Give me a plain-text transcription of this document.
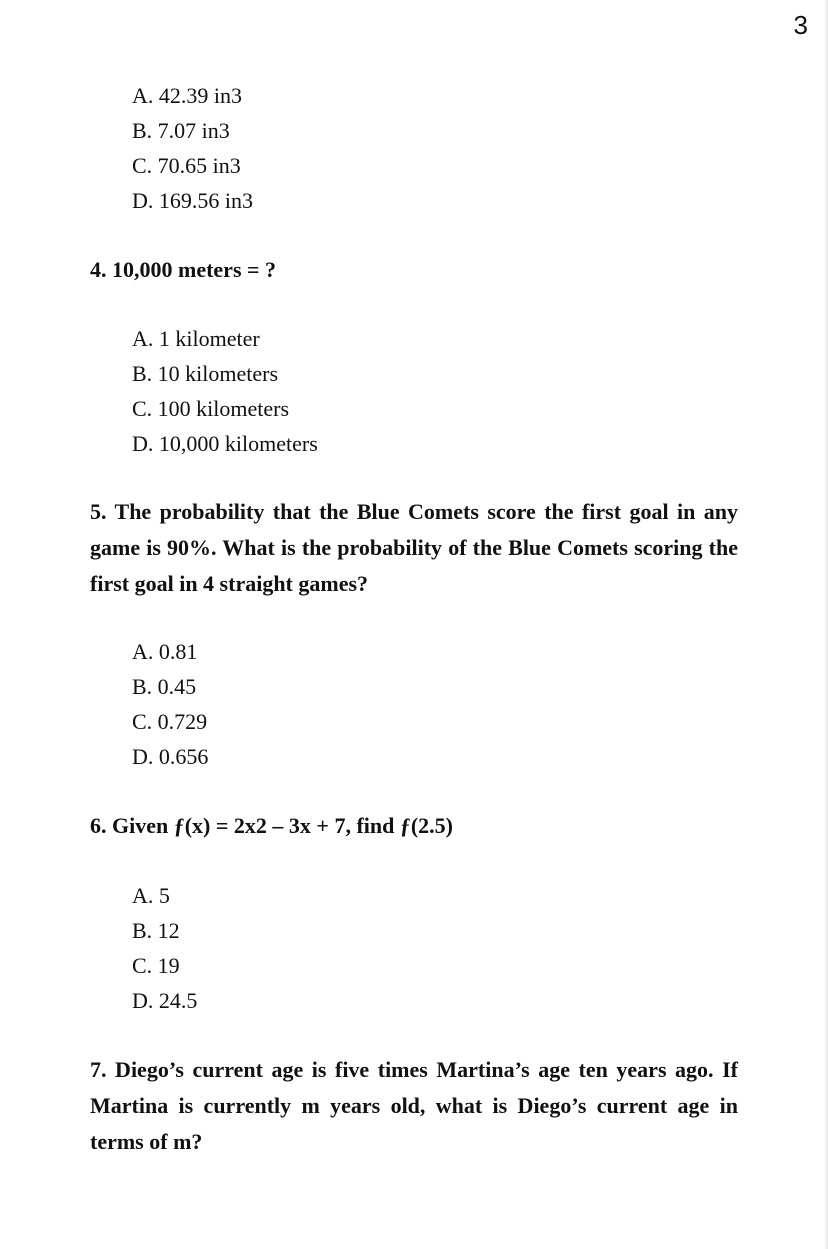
3
A. 42.39 in3
B. 7.07 in3
C. 70.65 in3
D. 169.56 in3

4. 10,000 meters = ?

A. 1 kilometer
B. 10 kilometers
C. 100 kilometers
D. 10,000 kilometers

5. The probability that the Blue Comets score the first goal in any game is 90%. What is the probability of the Blue Comets scoring the first goal in 4 straight games?

A. 0.81
B. 0.45
C. 0.729
D. 0.656

6. Given ƒ(x) = 2x2 – 3x + 7, find ƒ(2.5)

A. 5
B. 12
C. 19
D. 24.5

7. Diego’s current age is five times Martina’s age ten years ago. If Martina is currently m years old, what is Diego’s current age in terms of m?
